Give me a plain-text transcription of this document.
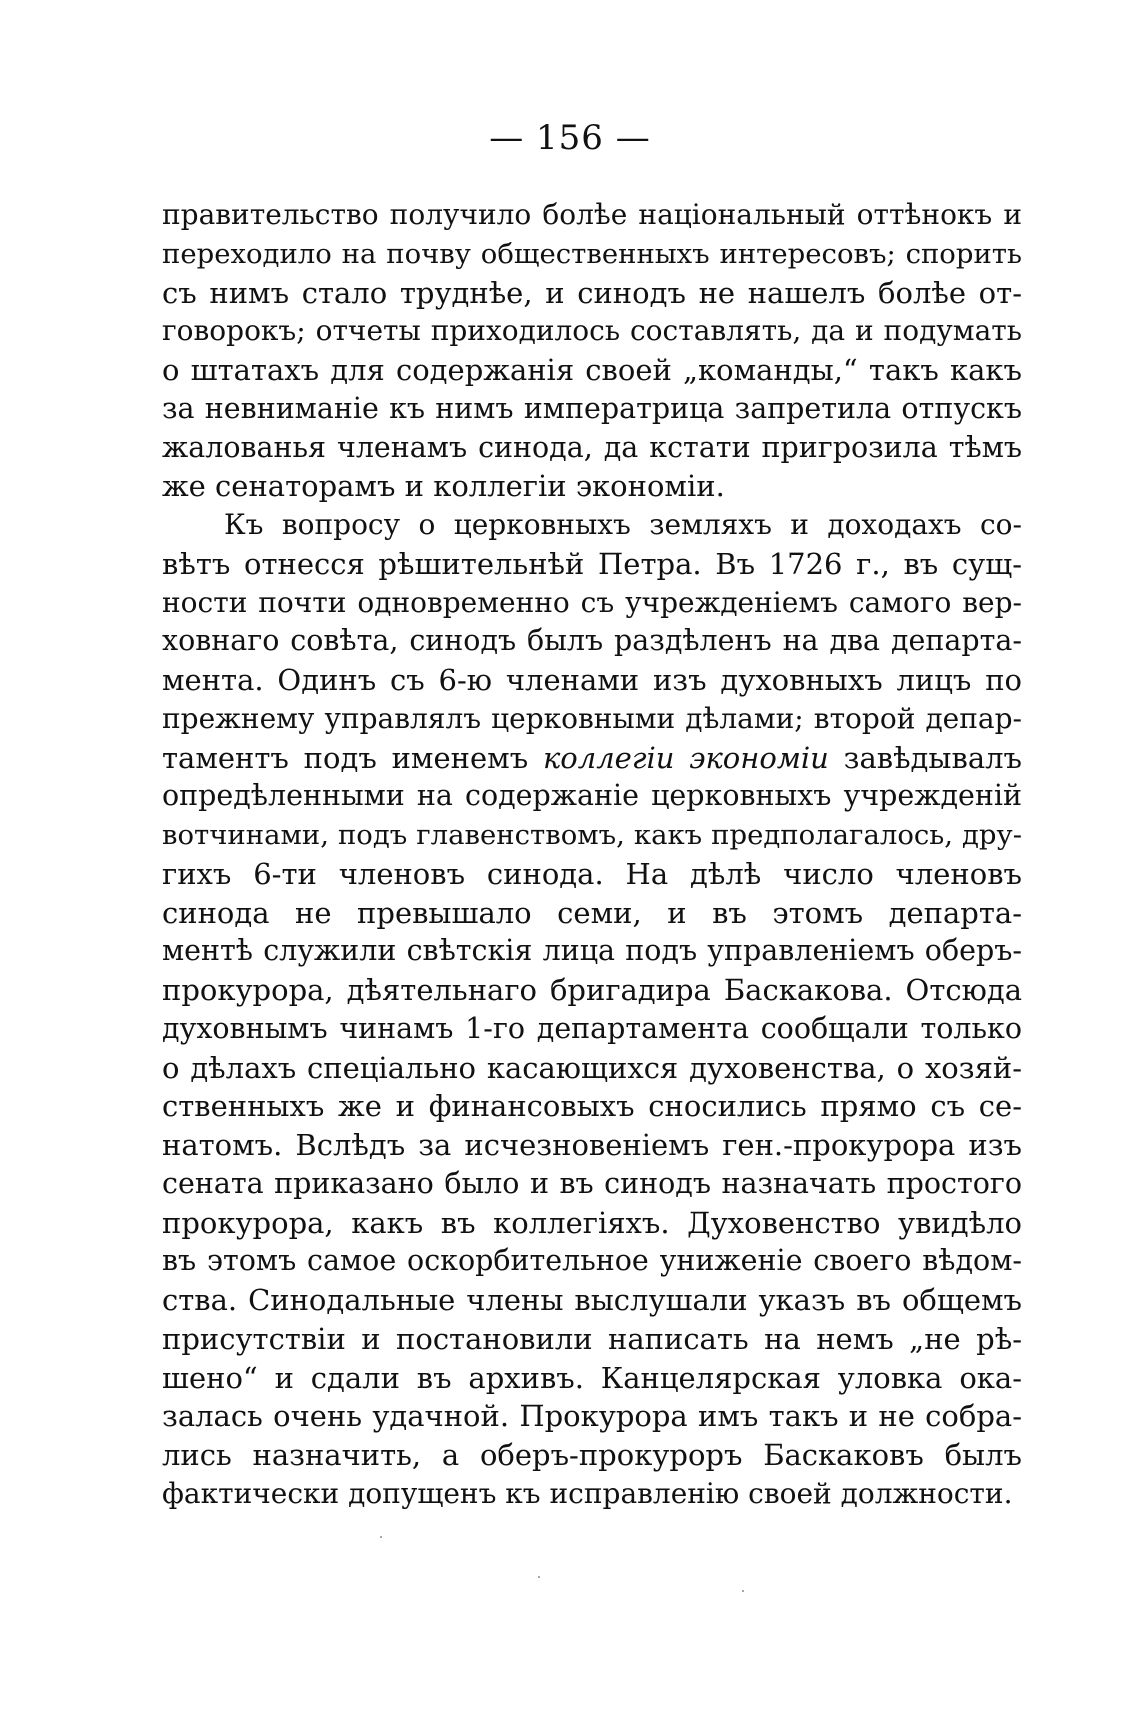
— 156 —
правительство получило болѣе національный оттѣнокъ и
переходило на почву общественныхъ интересовъ; спорить
съ нимъ стало труднѣе, и синодъ не нашелъ болѣе от-
говорокъ; отчеты приходилось составлять, да и подумать
о штатахъ для содержанія своей „команды,“ такъ какъ
за невниманіе къ нимъ императрица запретила отпускъ
жалованья членамъ синода, да кстати пригрозила тѣмъ
же сенаторамъ и коллегіи экономіи.
Къ вопросу о церковныхъ земляхъ и доходахъ со-
вѣтъ отнесся рѣшительнѣй Петра. Въ 1726 г., въ сущ-
ности почти одновременно съ учрежденіемъ самого вер-
ховнаго совѣта, синодъ былъ раздѣленъ на два департа-
мента. Одинъ съ 6-ю членами изъ духовныхъ лицъ по
прежнему управлялъ церковными дѣлами; второй депар-
таментъ подъ именемъ коллегіи экономіи завѣдывалъ
опредѣленными на содержаніе церковныхъ учрежденій
вотчинами, подъ главенствомъ, какъ предполагалось, дру-
гихъ 6-ти членовъ синода. На дѣлѣ число членовъ
синода не превышало семи, и въ этомъ департа-
ментѣ служили свѣтскія лица подъ управленіемъ оберъ-
прокурора, дѣятельнаго бригадира Баскакова. Отсюда
духовнымъ чинамъ 1-го департамента сообщали только
о дѣлахъ спеціально касающихся духовенства, о хозяй-
ственныхъ же и финансовыхъ сносились прямо съ се-
натомъ. Вслѣдъ за исчезновеніемъ ген.-прокурора изъ
сената приказано было и въ синодъ назначать простого
прокурора, какъ въ коллегіяхъ. Духовенство увидѣло
въ этомъ самое оскорбительное униженіе своего вѣдом-
ства. Синодальные члены выслушали указъ въ общемъ
присутствіи и постановили написать на немъ „не рѣ-
шено“ и сдали въ архивъ. Канцелярская уловка ока-
залась очень удачной. Прокурора имъ такъ и не собра-
лись назначить, а оберъ-прокуроръ Баскаковъ былъ
фактически допущенъ къ исправленію своей должности.
